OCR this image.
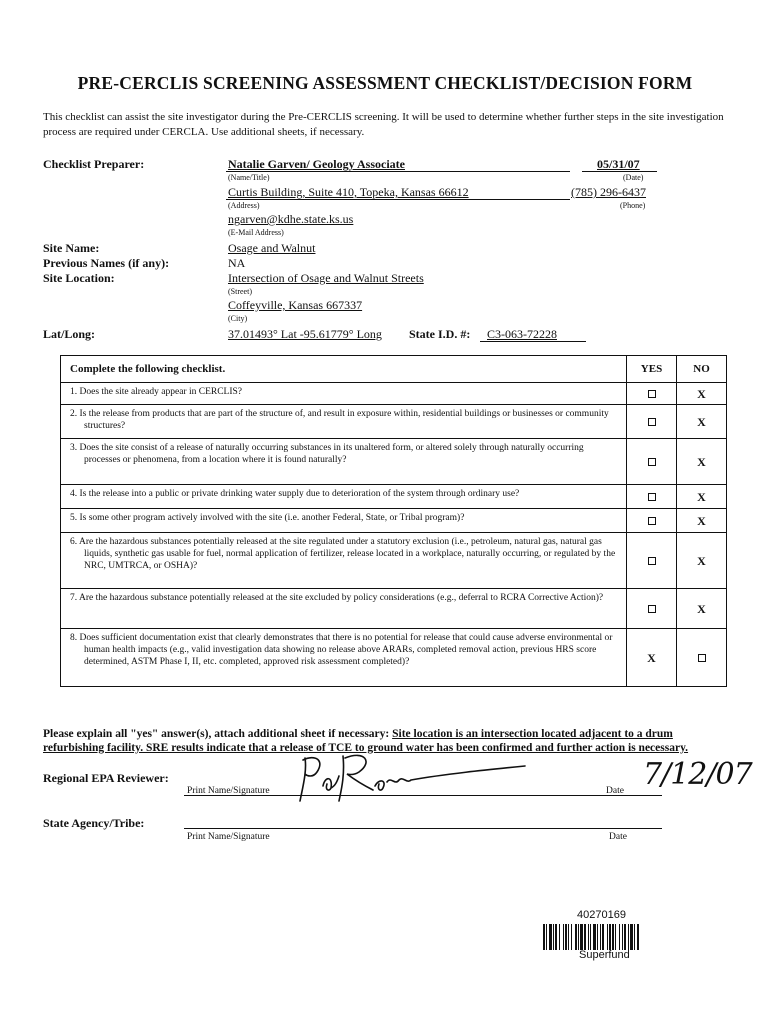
PRE-CERCLIS SCREENING ASSESSMENT CHECKLIST/DECISION FORM
This checklist can assist the site investigator during the Pre-CERCLIS screening. It will be used to determine whether further steps in the site investigation process are required under CERCLA. Use additional sheets, if necessary.
Checklist Preparer:	Natalie Garven/ Geology Associate
(Name/Title)
05/31/07
(Date)
Curtis Building, Suite 410, Topeka, Kansas 66612
(Address)
(785) 296-6437
(Phone)
ngarven@kdhe.state.ks.us
(E-Mail Address)
Site Name:	Osage and Walnut
Previous Names (if any):	NA
Site Location:	Intersection of Osage and Walnut Streets
(Street)
Coffeyville, Kansas 667337
(City)
Lat/Long:	37.01493° Lat -95.61779° Long State I.D. #: C3-063-72228
Complete the following checklist.	YES	NO

1. Does the site already appear in CERCLIS?		X

2. Is the release from products that are part of the structure of, and result in exposure within, residential buildings or businesses or community structures?		X

3. Does the site consist of a release of naturally occurring substances in its unaltered form, or altered solely through naturally occurring processes or phenomena, from a location where it is found naturally?		X

4. Is the release into a public or private drinking water supply due to deterioration of the system through ordinary use?		X

5. Is some other program actively involved with the site (i.e. another Federal, State, or Tribal program)?		X

6. Are the hazardous substances potentially released at the site regulated under a statutory exclusion (i.e., petroleum, natural gas, natural gas liquids, synthetic gas usable for fuel, normal application of fertilizer, release located in a workplace, naturally occurring, or regulated by the NRC, UMTRCA, or OSHA)?		X

7. Are the hazardous substance potentially released at the site excluded by policy considerations (e.g., deferral to RCRA Corrective Action)?		X

8. Does sufficient documentation exist that clearly demonstrates that there is no potential for release that could cause adverse environmental or human health impacts (e.g., valid investigation data showing no release above ARARs, completed removal action, previous HRS score determined, ASTM Phase I, II, etc. completed, approved risk assessment completed)?	X	
Please explain all "yes" answer(s), attach additional sheet if necessary: Site location is an intersection located adjacent to a drum refurbishing facility. SRE results indicate that a release of TCE to ground water has been confirmed and further action is necessary.
Regional EPA Reviewer:
Print Name/Signature	Date 7/12/07
State Agency/Tribe:
Print Name/Signature	Date
40270169
Superfund
